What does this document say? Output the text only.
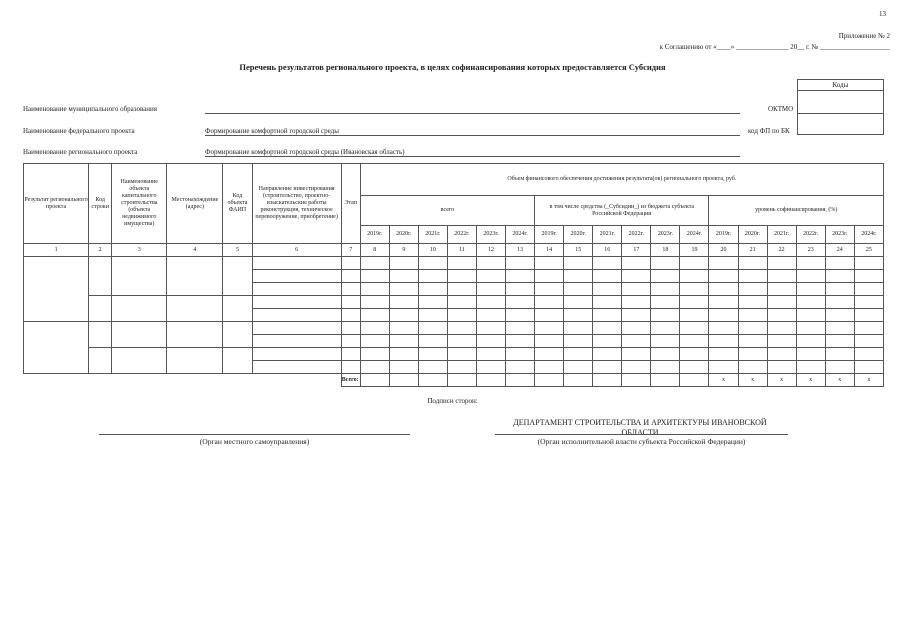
13
Приложение № 2
к Соглашению от «____» _______________ 20__ г. № ____________________
Перечень результатов регионального проекта, в целях софинансирования которых предоставляется Субсидия
Коды

Наименование муниципального образования	ОКТМО
Наименование федерального проекта	Формирование комфортной городской среды	код ФП по БК
Наименование регионального проекта	Формирование комфортной городской среды (Ивановская область)
Результат регионального проекта	Код строки	Наименование объекта капитального строительства (объекта недвижимого имущества)	Местонахождение (адрес)	Код объекта ФАИП	Направление инвестирования (строительство, проектно-изыскательские работы реконструкция, техническое перевооружение, приобретение)	Этап	Объем финансового обеспечения достижения результата(ов) регионального проекта, руб.																	
							всего						в том числе средства (_Субсидии_) из бюджета субъекта Российской Федерации						уровень софинансирования, (%)					
							2019г.	2020г.	2021г.	2022г.	2023г.	2024г.	2019г.	2020г.	2021г.	2022г.	2023г.	2024г.	2019г.	2020г.	2021г.	2022г.	2023г.	2024г.
1	2	3	4	5	6	7	8	9	10	11	12	13	14	15	16	17	18	19	20	21	22	23	24	25

						Всего:													x	x	x	x	x	x
Подписи сторон:
(Орган местного самоуправления)
ДЕПАРТАМЕНТ СТРОИТЕЛЬСТВА И АРХИТЕКТУРЫ ИВАНОВСКОЙ ОБЛАСТИ
(Орган исполнительной власти субъекта Российской Федерации)
